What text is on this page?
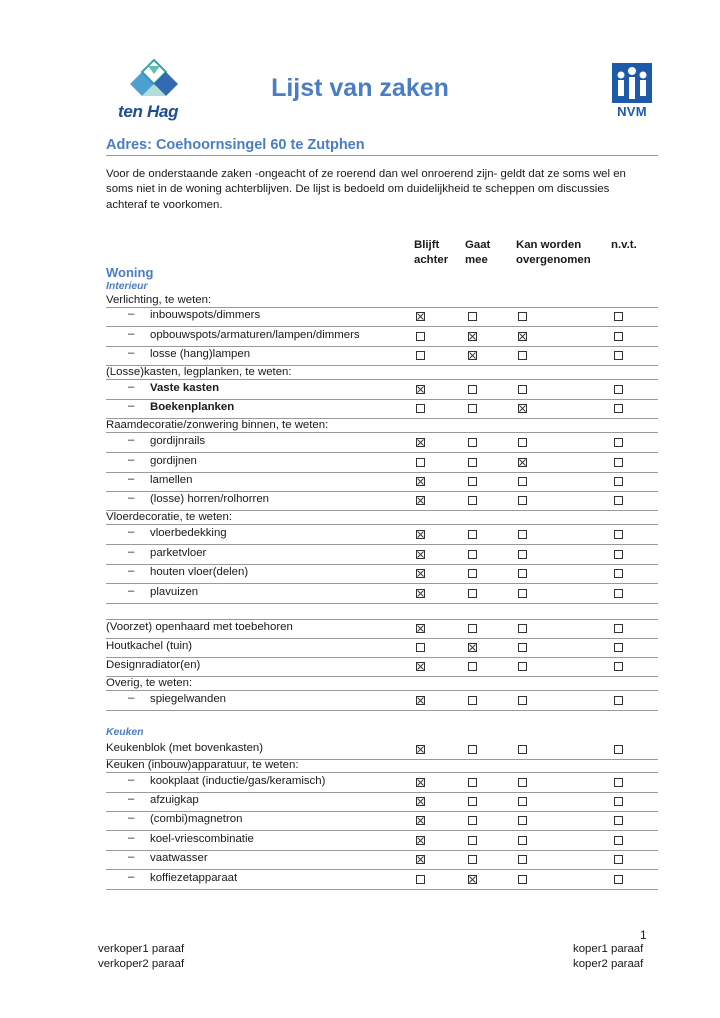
ten Hag
Lijst van zaken
NVM
Adres: Coehoornsingel 60 te Zutphen
Voor de onderstaande zaken -ongeacht of ze roerend dan wel onroerend zijn- geldt dat ze soms wel en soms niet in de woning achterblijven. De lijst is bedoeld om duidelijkheid te scheppen om discussies achteraf te voorkomen.
Blijft
achter
Gaat
mee
Kan worden
overgenomen
n.v.t.
Woning
Interieur
Keuken
Verlichting, te weten:
– inbouwspots/dimmers
– opbouwspots/armaturen/lampen/dimmers
– losse (hang)lampen
(Losse)kasten, legplanken, te weten:
– Vaste kasten
– Boekenplanken
Raamdecoratie/zonwering binnen, te weten:
– gordijnrails
– gordijnen
– lamellen
– (losse) horren/rolhorren
Vloerdecoratie, te weten:
– vloerbedekking
– parketvloer
– houten vloer(delen)
– plavuizen
(Voorzet) openhaard met toebehoren
Houtkachel (tuin)
Designradiator(en)
Overig, te weten:
– spiegelwanden
Keukenblok (met bovenkasten)
Keuken (inbouw)apparatuur, te weten:
– kookplaat (inductie/gas/keramisch)
– afzuigkap
– (combi)magnetron
– koel-vriescombinatie
– vaatwasser
– koffiezetapparaat
1
verkoper1 paraaf
verkoper2 paraaf
koper1 paraaf
koper2 paraaf
